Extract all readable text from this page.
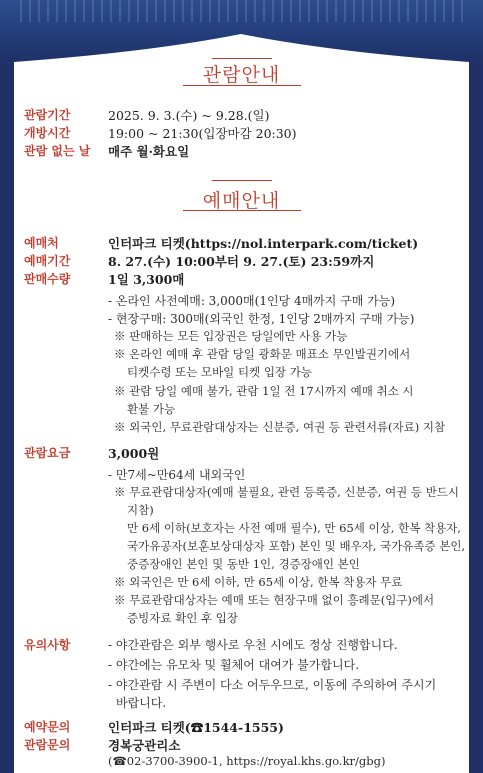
관람안내
관람기간	2025. 9. 3.(수) ~ 9.28.(일)
개방시간	19:00 ~ 21:30(입장마감 20:30)
관람 없는 날	매주 월·화요일
예매안내
예매처	인터파크 티켓(https://nol.interpark.com/ticket)
예매기간	8. 27.(수) 10:00부터 9. 27.(토) 23:59까지
판매수량	1일 3,300매
- 온라인 사전예매: 3,000매(1인당 4매까지 구매 가능)
- 현장구매: 300매(외국인 한정, 1인당 2매까지 구매 가능)
※ 판매하는 모든 입장권은 당일에만 사용 가능
※ 온라인 예매 후 관람 당일 광화문 매표소 무인발권기에서
티켓수령 또는 모바일 티켓 입장 가능
※ 관람 당일 예매 불가, 관람 1일 전 17시까지 예매 취소 시
환불 가능
※ 외국인, 무료관람대상자는 신분증, 여권 등 관련서류(자료) 지참
관람요금	3,000원
- 만7세~만64세 내외국인
※ 무료관람대상자(예매 불필요, 관련 등록증, 신분증, 여권 등 반드시
지참)
만 6세 이하(보호자는 사전 예매 필수), 만 65세 이상, 한복 착용자,
국가유공자(보훈보상대상자 포함) 본인 및 배우자, 국가유족증 본인,
중증장애인 본인 및 동반 1인, 경증장애인 본인
※ 외국인은 만 6세 이하, 만 65세 이상, 한복 착용자 무료
※ 무료관람대상자는 예매 또는 현장구매 없이 흥례문(입구)에서
증빙자료 확인 후 입장
유의사항	- 야간관람은 외부 행사로 우천 시에도 정상 진행합니다.
- 야간에는 유모차 및 휠체어 대여가 불가합니다.
- 야간관람 시 주변이 다소 어두우므로, 이동에 주의하여 주시기
바랍니다.
예약문의	인터파크 티켓(☎1544-1555)
관람문의	경복궁관리소
(☎02-3700-3900-1, https://royal.khs.go.kr/gbg)
